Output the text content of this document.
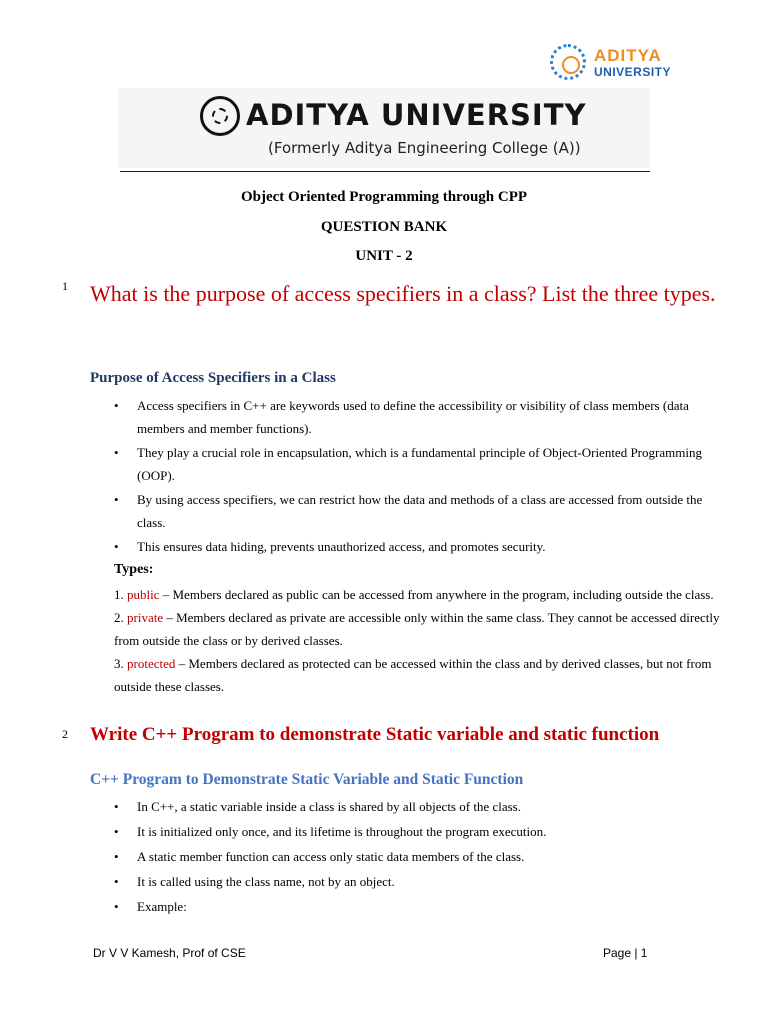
ADITYA
UNIVERSITY
ADITYA UNIVERSITY
(Formerly Aditya Engineering College (A))
Object Oriented Programming through CPP
QUESTION BANK
UNIT - 2
1 What is the purpose of access specifiers in a class? List the three types.
Purpose of Access Specifiers in a Class
• Access specifiers in C++ are keywords used to define the accessibility or visibility of class members (data members and member functions).
• They play a crucial role in encapsulation, which is a fundamental principle of Object-Oriented Programming (OOP).
• By using access specifiers, we can restrict how the data and methods of a class are accessed from outside the class.
• This ensures data hiding, prevents unauthorized access, and promotes security.
Types:

1. public – Members declared as public can be accessed from anywhere in the program, including outside the class.

2. private – Members declared as private are accessible only within the same class. They cannot be accessed directly from outside the class or by derived classes.

3. protected – Members declared as protected can be accessed within the class and by derived classes, but not from outside these classes.

2 Write C++ Program to demonstrate Static variable and static function
C++ Program to Demonstrate Static Variable and Static Function
• In C++, a static variable inside a class is shared by all objects of the class.
• It is initialized only once, and its lifetime is throughout the program execution.
• A static member function can access only static data members of the class.
• It is called using the class name, not by an object.
• Example:
Dr V V Kamesh, Prof of CSE	Page | 1
